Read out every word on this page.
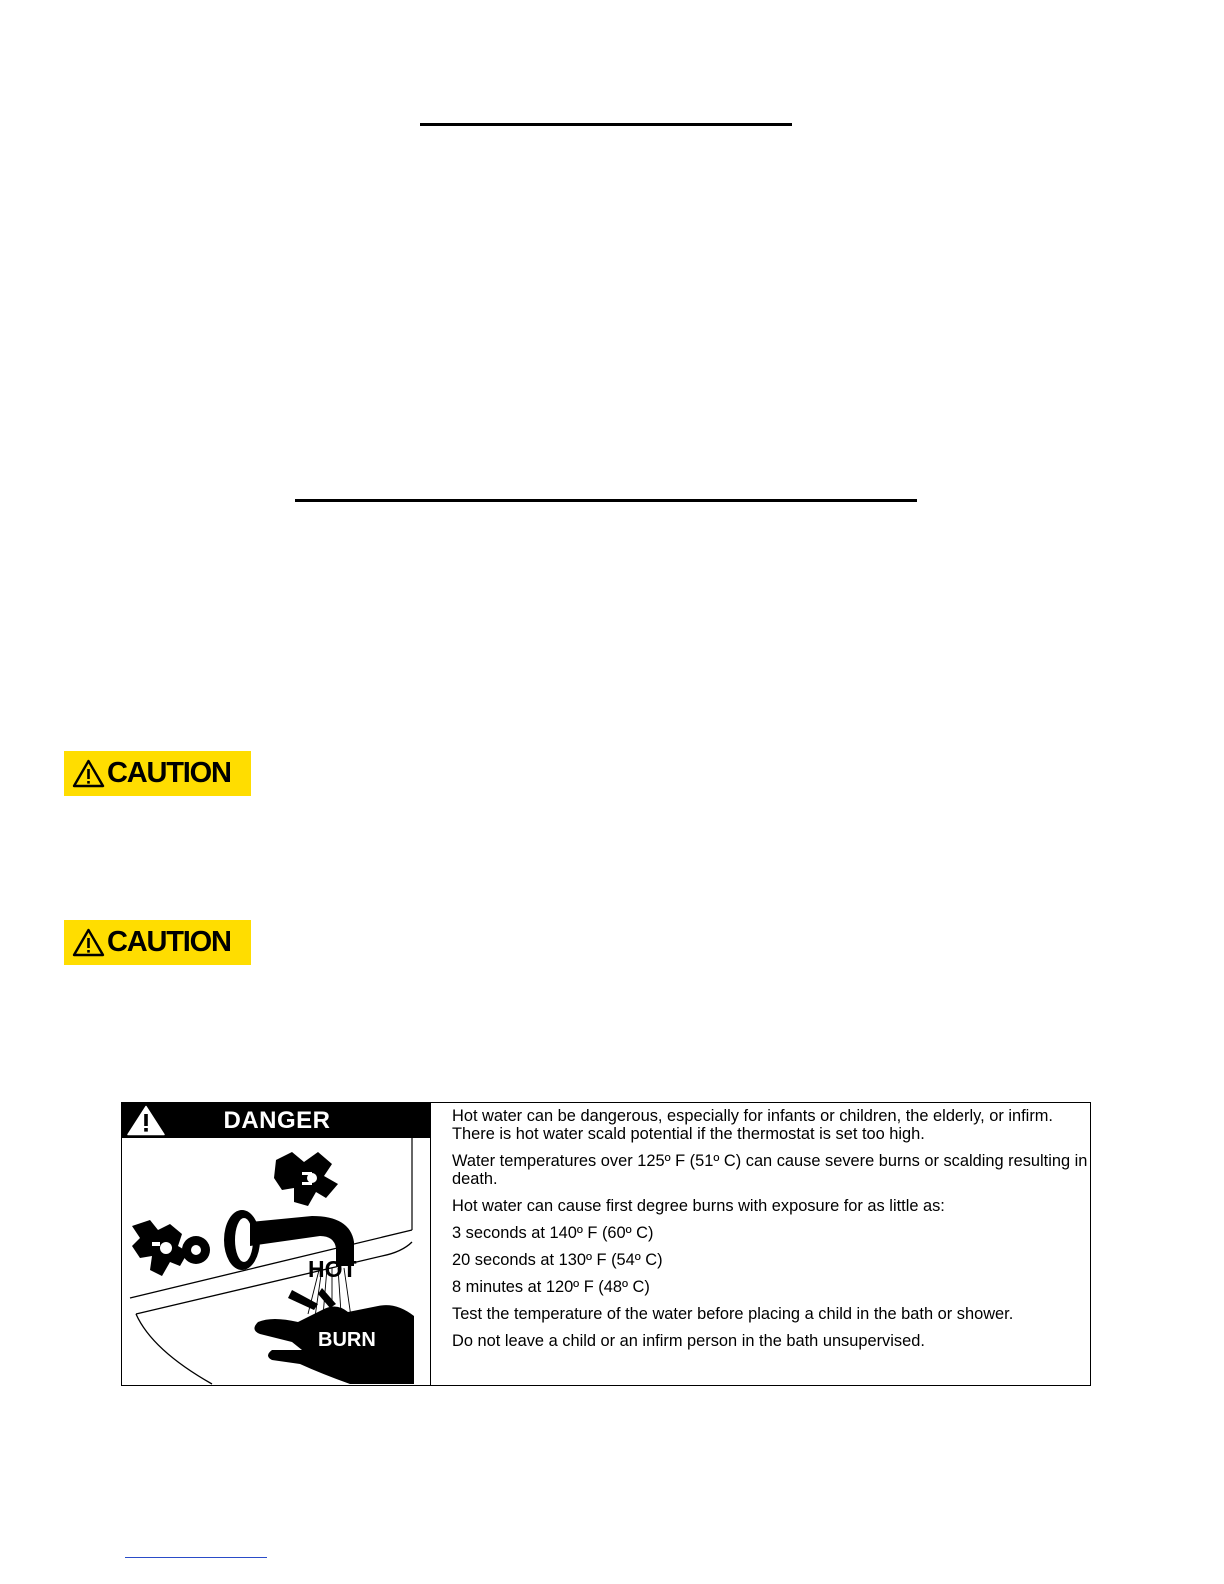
CAUTION
CAUTION
DANGER
HOT
BURN

Hot water can be dangerous, especially for infants or children, the elderly, or infirm. There is hot water scald potential if the thermostat is set too high.

Water temperatures over 125º F (51º C) can cause severe burns or scalding resulting in death.

Hot water can cause first degree burns with exposure for as little as:

3 seconds at 140º F (60º C)

20 seconds at 130º F (54º C)

8 minutes at 120º F (48º C)

Test the temperature of the water before placing a child in the bath or shower.

Do not leave a child or an infirm person in the bath unsupervised.
